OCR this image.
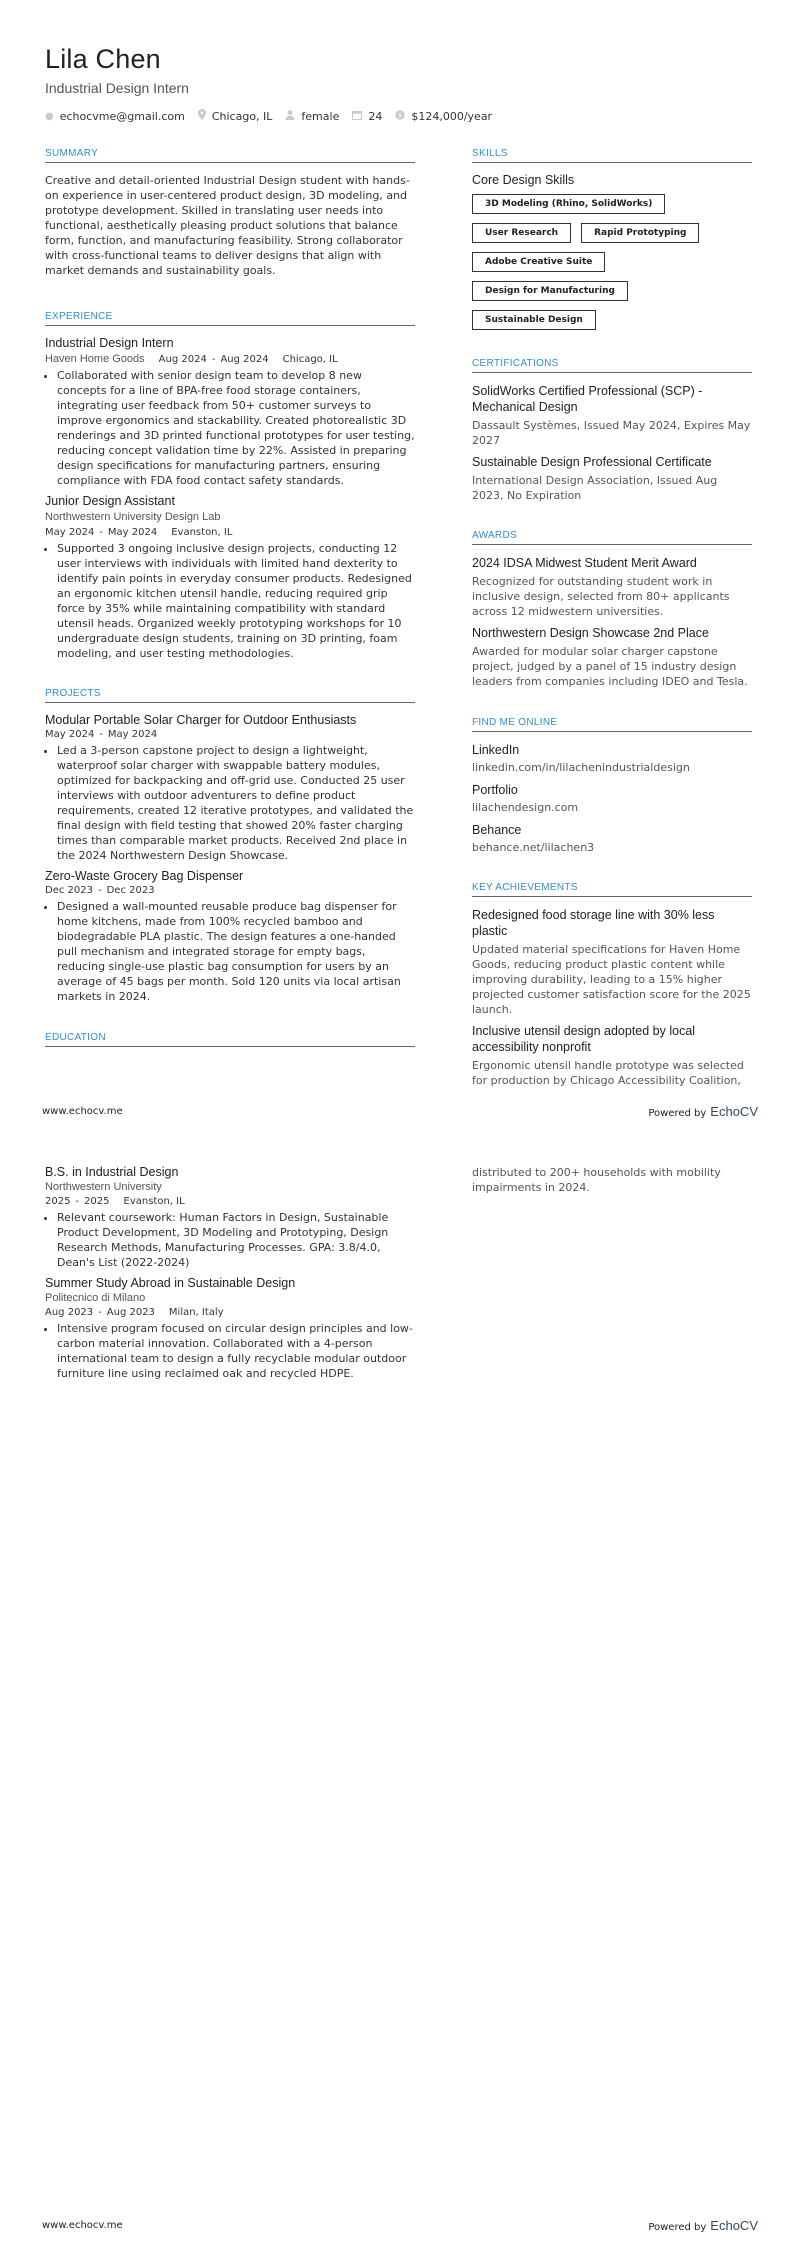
Lila Chen
Industrial Design Intern
● echocvme@gmail.com Chicago, IL	female	24 $ $124,000/year
SUMMARY
Creative and detail-oriented Industrial Design student with hands-on experience in user-centered product design, 3D modeling, and prototype development. Skilled in translating user needs into functional, aesthetically pleasing product solutions that balance form, function, and manufacturing feasibility. Strong collaborator with cross-functional teams to deliver designs that align with market demands and sustainability goals.
EXPERIENCE
Industrial Design Intern
Haven Home Goods Aug 2024 - Aug 2024 Chicago, IL
• Collaborated with senior design team to develop 8 new concepts for a line of BPA-free food storage containers, integrating user feedback from 50+ customer surveys to improve ergonomics and stackability. Created photorealistic 3D renderings and 3D printed functional prototypes for user testing, reducing concept validation time by 22%. Assisted in preparing design specifications for manufacturing partners, ensuring compliance with FDA food contact safety standards.
Junior Design Assistant
Northwestern University Design Lab
May 2024 - May 2024 Evanston, IL
• Supported 3 ongoing inclusive design projects, conducting 12 user interviews with individuals with limited hand dexterity to identify pain points in everyday consumer products. Redesigned an ergonomic kitchen utensil handle, reducing required grip force by 35% while maintaining compatibility with standard utensil heads. Organized weekly prototyping workshops for 10 undergraduate design students, training on 3D printing, foam modeling, and user testing methodologies.
PROJECTS
Modular Portable Solar Charger for Outdoor Enthusiasts
May 2024 - May 2024
• Led a 3-person capstone project to design a lightweight, waterproof solar charger with swappable battery modules, optimized for backpacking and off-grid use. Conducted 25 user interviews with outdoor adventurers to define product requirements, created 12 iterative prototypes, and validated the final design with field testing that showed 20% faster charging times than comparable market products. Received 2nd place in the 2024 Northwestern Design Showcase.
Zero-Waste Grocery Bag Dispenser
Dec 2023 - Dec 2023
• Designed a wall-mounted reusable produce bag dispenser for home kitchens, made from 100% recycled bamboo and biodegradable PLA plastic. The design features a one-handed pull mechanism and integrated storage for empty bags, reducing single-use plastic bag consumption for users by an average of 45 bags per month. Sold 120 units via local artisan markets in 2024.
EDUCATION
SKILLS
Core Design Skills
3D Modeling (Rhino, SolidWorks)
User Research	Rapid Prototyping
Adobe Creative Suite
Design for Manufacturing
Sustainable Design
CERTIFICATIONS
SolidWorks Certified Professional (SCP) - Mechanical Design
Dassault Systèmes, Issued May 2024, Expires May 2027
Sustainable Design Professional Certificate
International Design Association, Issued Aug 2023, No Expiration
AWARDS
2024 IDSA Midwest Student Merit Award
Recognized for outstanding student work in inclusive design, selected from 80+ applicants across 12 midwestern universities.
Northwestern Design Showcase 2nd Place
Awarded for modular solar charger capstone project, judged by a panel of 15 industry design leaders from companies including IDEO and Tesla.
FIND ME ONLINE
LinkedIn
linkedin.com/in/lilachenindustrialdesign
Portfolio
lilachendesign.com
Behance
behance.net/lilachen3
KEY ACHIEVEMENTS
Redesigned food storage line with 30% less plastic
Updated material specifications for Haven Home Goods, reducing product plastic content while improving durability, leading to a 15% higher projected customer satisfaction score for the 2025 launch.
Inclusive utensil design adopted by local accessibility nonprofit
Ergonomic utensil handle prototype was selected for production by Chicago Accessibility Coalition,
www.echocv.me	Powered by EchoCV
B.S. in Industrial Design
Northwestern University
2025 - 2025 Evanston, IL
• Relevant coursework: Human Factors in Design, Sustainable Product Development, 3D Modeling and Prototyping, Design Research Methods, Manufacturing Processes. GPA: 3.8/4.0, Dean's List (2022-2024)
Summer Study Abroad in Sustainable Design
Politecnico di Milano
Aug 2023 - Aug 2023 Milan, Italy
• Intensive program focused on circular design principles and low-carbon material innovation. Collaborated with a 4-person international team to design a fully recyclable modular outdoor furniture line using reclaimed oak and recycled HDPE.
distributed to 200+ households with mobility impairments in 2024.
www.echocv.me	Powered by EchoCV
